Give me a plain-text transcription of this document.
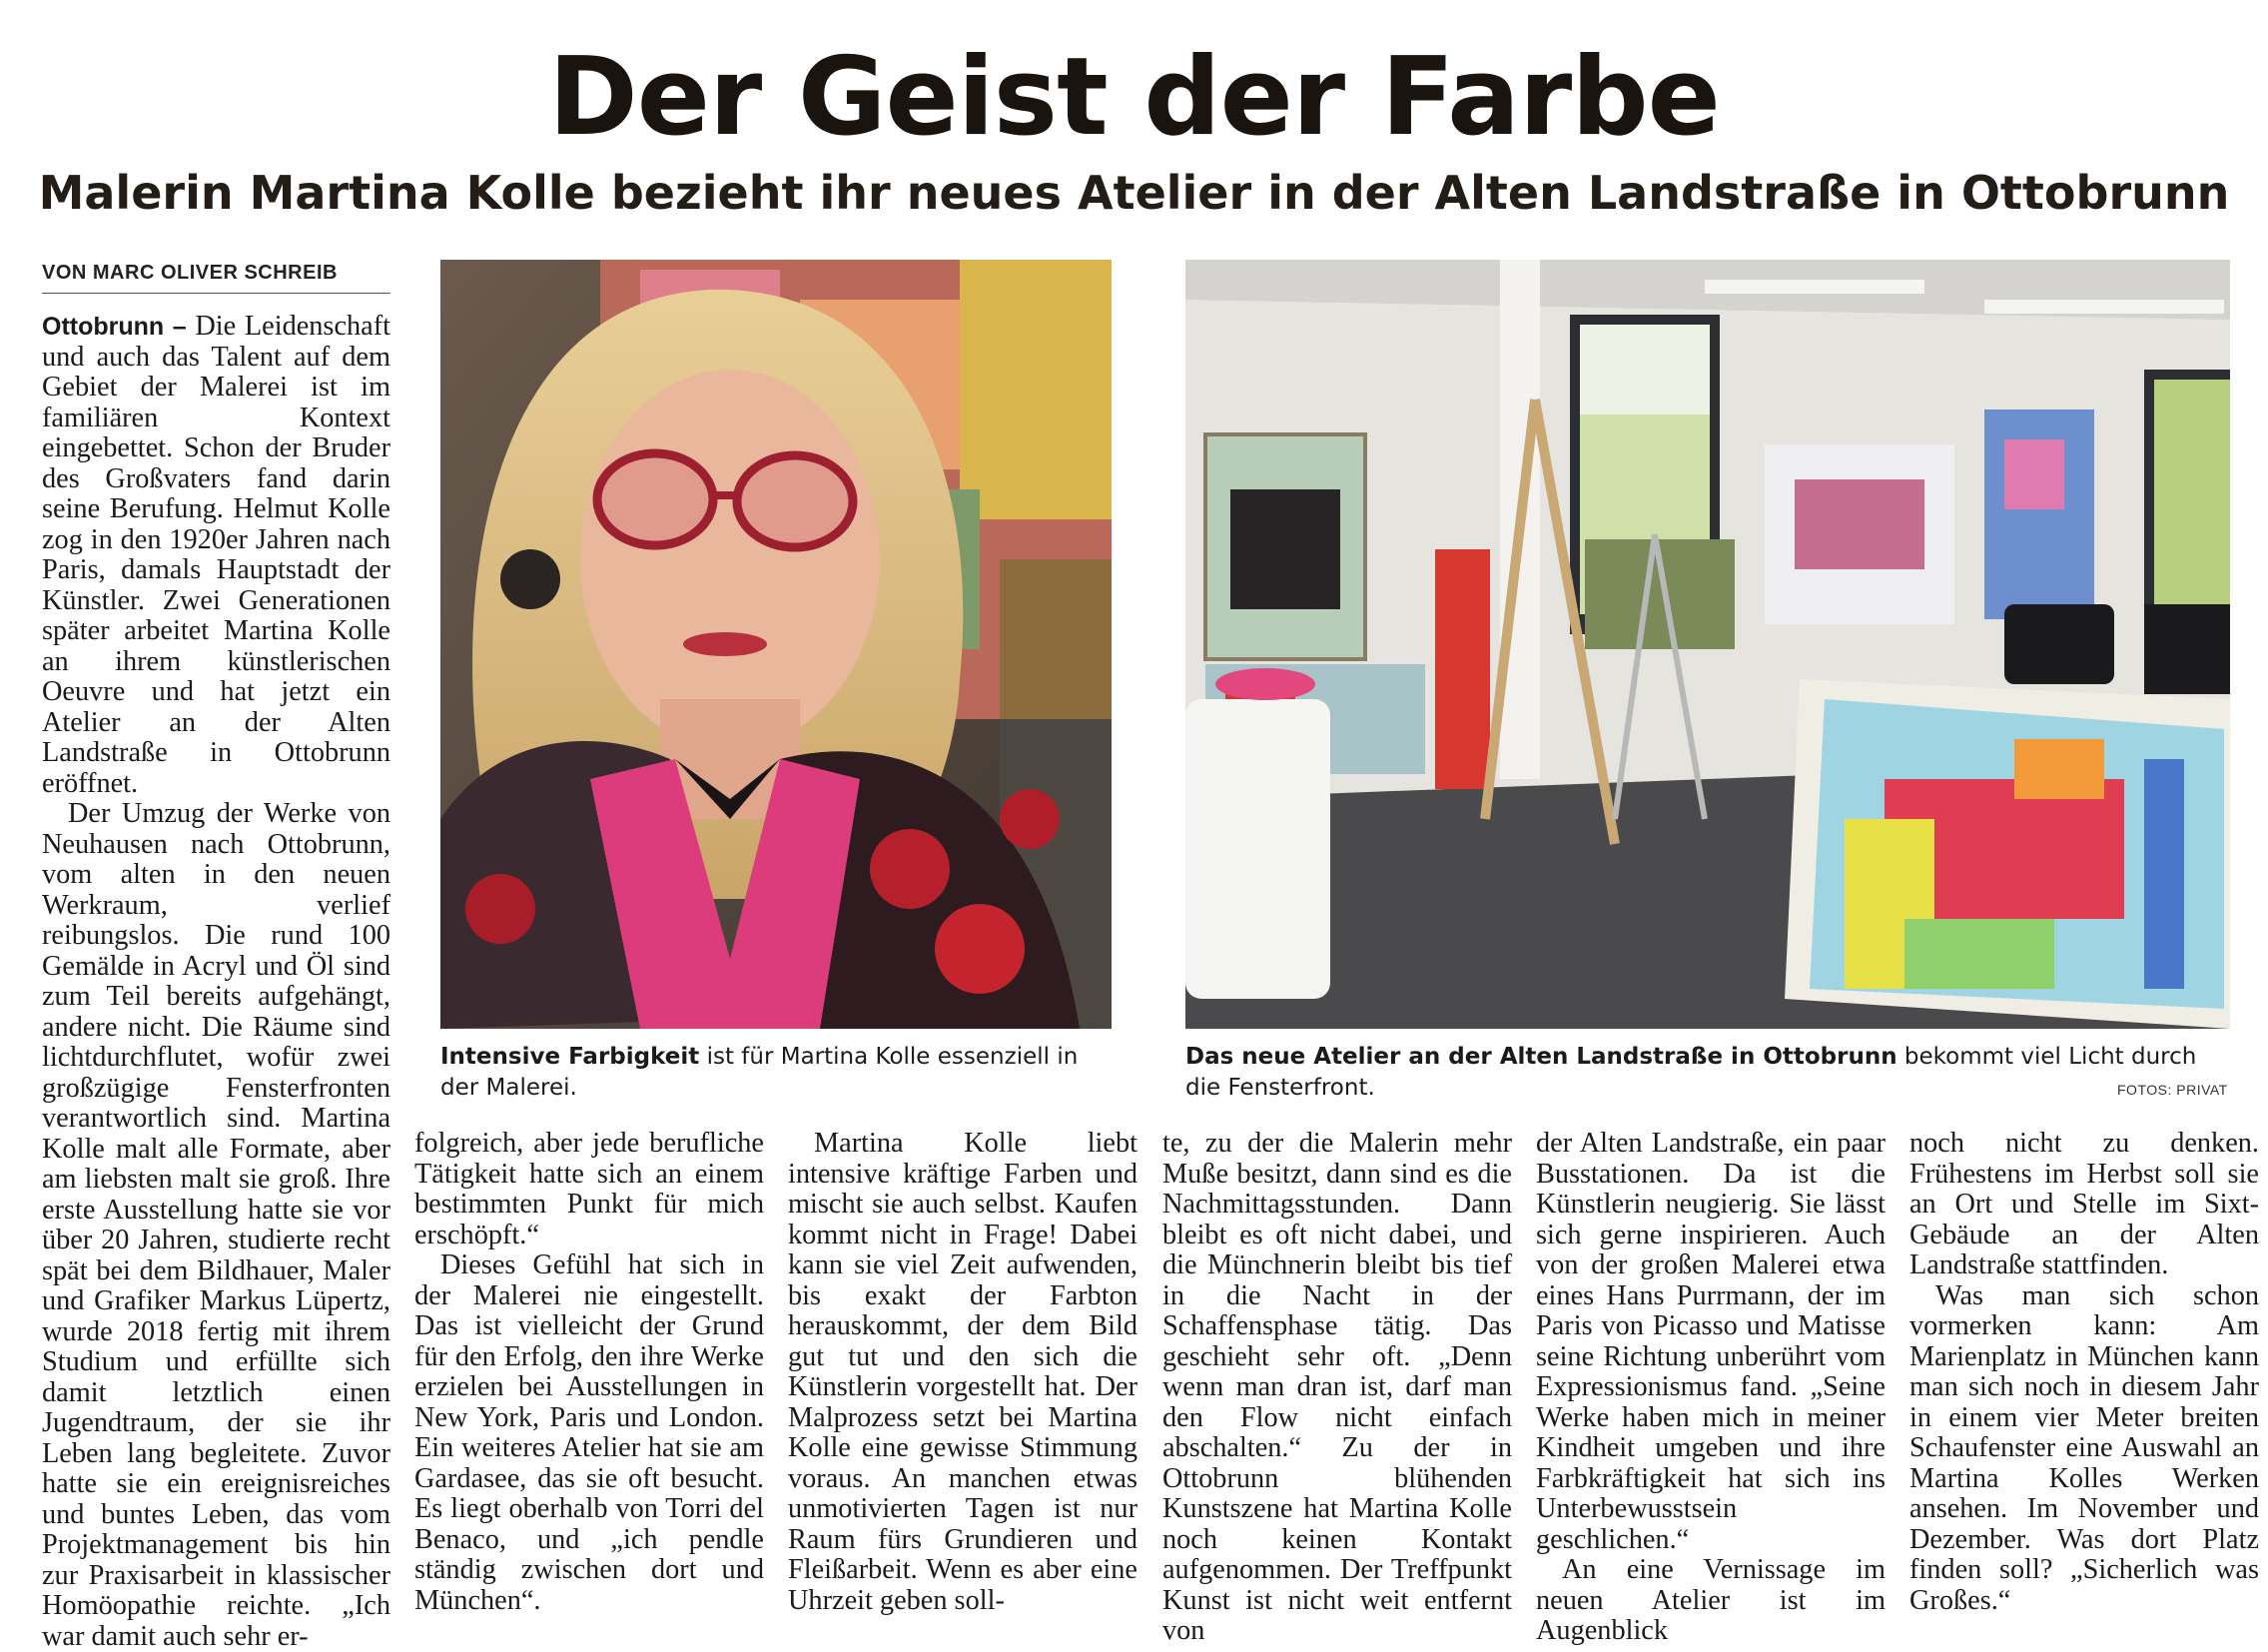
Der Geist der Farbe
Malerin Martina Kolle bezieht ihr neues Atelier in der Alten Landstraße in Ottobrunn
VON MARC OLIVER SCHREIB

Ottobrunn – Die Leidenschaft und auch das Talent auf dem Gebiet der Malerei ist im familiären Kontext eingebettet. Schon der Bruder des Großvaters fand darin seine Berufung. Helmut Kolle zog in den 1920er Jahren nach Paris, damals Hauptstadt der Künstler. Zwei Generationen später arbeitet Martina Kolle an ihrem künstlerischen Oeuvre und hat jetzt ein Atelier an der Alten Landstraße in Ottobrunn eröffnet.

Der Umzug der Werke von Neuhausen nach Ottobrunn, vom alten in den neuen Werkraum, verlief reibungslos. Die rund 100 Gemälde in Acryl und Öl sind zum Teil bereits aufgehängt, andere nicht. Die Räume sind lichtdurchflutet, wofür zwei großzügige Fensterfronten verantwortlich sind. Martina Kolle malt alle Formate, aber am liebsten malt sie groß. Ihre erste Ausstellung hatte sie vor über 20 Jahren, studierte recht spät bei dem Bildhauer, Maler und Grafiker Markus Lüpertz, wurde 2018 fertig mit ihrem Studium und erfüllte sich damit letztlich einen Jugendtraum, der sie ihr Leben lang begleitete. Zuvor hatte sie ein ereignisreiches und buntes Leben, das vom Projektmanagement bis hin zur Praxisarbeit in klassischer Homöopathie reichte. „Ich war damit auch sehr er-

Intensive Farbigkeit ist für Martina Kolle essenziell in der Malerei.
Das neue Atelier an der Alten Landstraße in Ottobrunn bekommt viel Licht durch die Fensterfront.	FOTOS: PRIVAT

folgreich, aber jede berufliche Tätigkeit hatte sich an einem bestimmten Punkt für mich erschöpft.“

Dieses Gefühl hat sich in der Malerei nie eingestellt. Das ist vielleicht der Grund für den Erfolg, den ihre Werke erzielen bei Ausstellungen in New York, Paris und London. Ein weiteres Atelier hat sie am Gardasee, das sie oft besucht. Es liegt oberhalb von Torri del Benaco, und „ich pendle ständig zwischen dort und München“.

Martina Kolle liebt intensive kräftige Farben und mischt sie auch selbst. Kaufen kommt nicht in Frage! Dabei kann sie viel Zeit aufwenden, bis exakt der Farbton herauskommt, der dem Bild gut tut und den sich die Künstlerin vorgestellt hat. Der Malprozess setzt bei Martina Kolle eine gewisse Stimmung voraus. An manchen etwas unmotivierten Tagen ist nur Raum fürs Grundieren und Fleißarbeit. Wenn es aber eine Uhrzeit geben soll-

te, zu der die Malerin mehr Muße besitzt, dann sind es die Nachmittagsstunden. Dann bleibt es oft nicht dabei, und die Münchnerin bleibt bis tief in die Nacht in der Schaffensphase tätig. Das geschieht sehr oft. „Denn wenn man dran ist, darf man den Flow nicht einfach abschalten.“ Zu der in Ottobrunn blühenden Kunstszene hat Martina Kolle noch keinen Kontakt aufgenommen. Der Treffpunkt Kunst ist nicht weit entfernt von

der Alten Landstraße, ein paar Busstationen. Da ist die Künstlerin neugierig. Sie lässt sich gerne inspirieren. Auch von der großen Malerei etwa eines Hans Purrmann, der im Paris von Picasso und Matisse seine Richtung unberührt vom Expressionismus fand. „Seine Werke haben mich in meiner Kindheit umgeben und ihre Farbkräftigkeit hat sich ins Unterbewusstsein geschlichen.“

An eine Vernissage im neuen Atelier ist im Augenblick

noch nicht zu denken. Frühestens im Herbst soll sie an Ort und Stelle im Sixt-Gebäude an der Alten Landstraße stattfinden.

Was man sich schon vormerken kann: Am Marienplatz in München kann man sich noch in diesem Jahr in einem vier Meter breiten Schaufenster eine Auswahl an Martina Kolles Werken ansehen. Im November und Dezember. Was dort Platz finden soll? „Sicherlich was Großes.“
